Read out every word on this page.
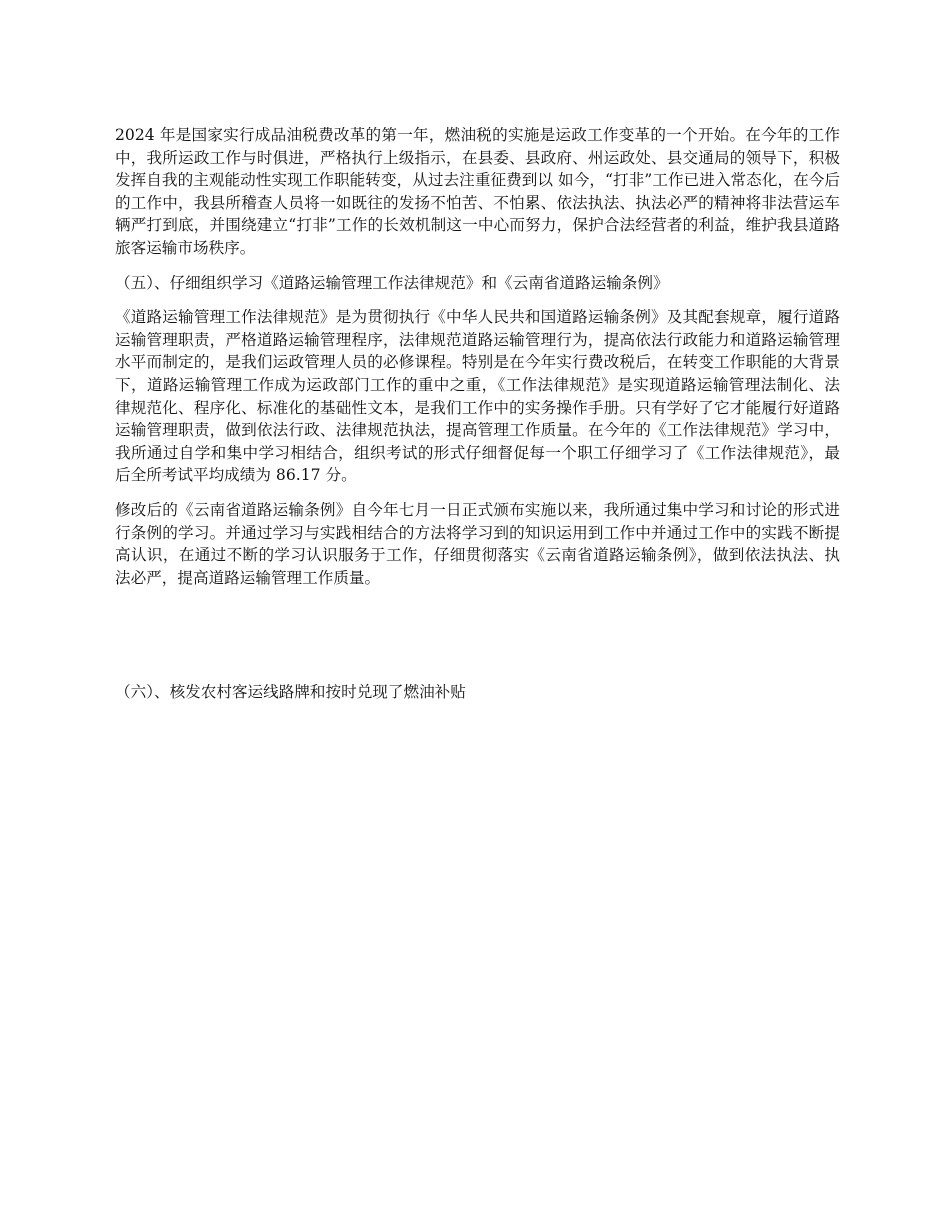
2024 年是国家实行成品油税费改革的第一年，燃油税的实施是运政工作变革的一个开始。在今年的工作中，我所运政工作与时俱进，严格执行上级指示，在县委、县政府、州运政处、县交通局的领导下，积极发挥自我的主观能动性实现工作职能转变，从过去注重征费到以 如今，“打非”工作已进入常态化，在今后的工作中，我县所稽查人员将一如既往的发扬不怕苦、不怕累、依法执法、执法必严的精神将非法营运车辆严打到底，并围绕建立“打非”工作的长效机制这一中心而努力，保护合法经营者的利益，维护我县道路旅客运输市场秩序。

（五）、仔细组织学习《道路运输管理工作法律规范》和《云南省道路运输条例》

《道路运输管理工作法律规范》是为贯彻执行《中华人民共和国道路运输条例》及其配套规章，履行道路运输管理职责，严格道路运输管理程序，法律规范道路运输管理行为，提高依法行政能力和道路运输管理水平而制定的，是我们运政管理人员的必修课程。特别是在今年实行费改税后，在转变工作职能的大背景下，道路运输管理工作成为运政部门工作的重中之重，《工作法律规范》是实现道路运输管理法制化、法律规范化、程序化、标准化的基础性文本，是我们工作中的实务操作手册。只有学好了它才能履行好道路运输管理职责，做到依法行政、法律规范执法，提高管理工作质量。在今年的《工作法律规范》学习中，我所通过自学和集中学习相结合，组织考试的形式仔细督促每一个职工仔细学习了《工作法律规范》，最后全所考试平均成绩为 86.17 分。

修改后的《云南省道路运输条例》自今年七月一日正式颁布实施以来，我所通过集中学习和讨论的形式进行条例的学习。并通过学习与实践相结合的方法将学习到的知识运用到工作中并通过工作中的实践不断提高认识，在通过不断的学习认识服务于工作，仔细贯彻落实《云南省道路运输条例》，做到依法执法、执法必严，提高道路运输管理工作质量。

（六）、核发农村客运线路牌和按时兑现了燃油补贴
